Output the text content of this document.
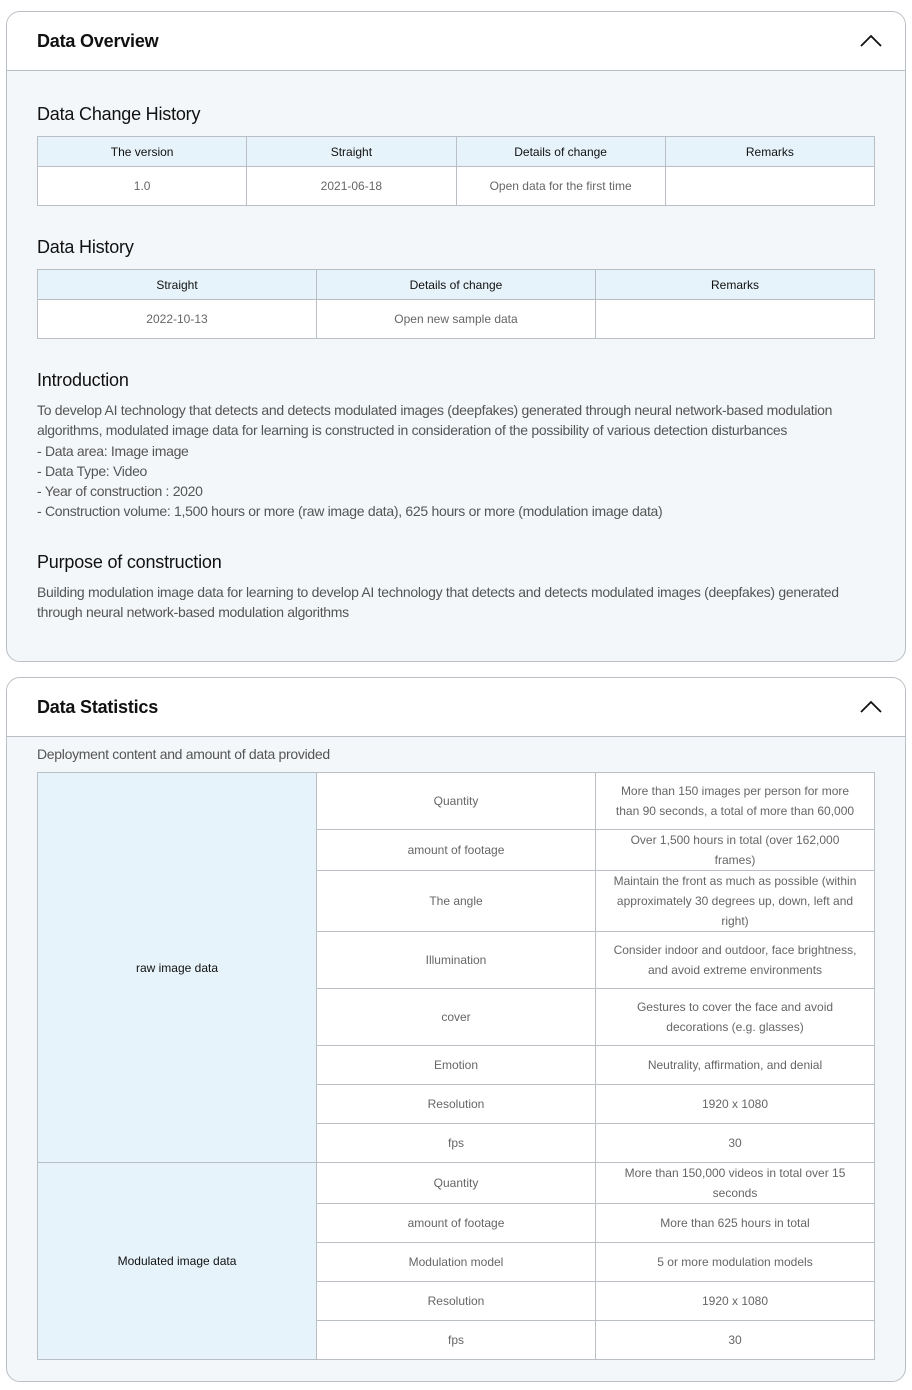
Data Overview
Data Change History
The version	Straight	Details of change	Remarks
1.0	2021-06-18	Open data for the first time	
Data History
Straight	Details of change	Remarks
2022-10-13	Open new sample data	
Introduction
To develop AI technology that detects and detects modulated images (deepfakes) generated through neural network-based modulation algorithms, modulated image data for learning is constructed in consideration of the possibility of various detection disturbances
- Data area: Image image
- Data Type: Video
- Year of construction : 2020
- Construction volume: 1,500 hours or more (raw image data), 625 hours or more (modulation image data)
Purpose of construction
Building modulation image data for learning to develop AI technology that detects and detects modulated images (deepfakes) generated through neural network-based modulation algorithms
Data Statistics
Deployment content and amount of data provided
raw image data	Quantity	More than 150 images per person for more than 90 seconds, a total of more than 60,000
	amount of footage	Over 1,500 hours in total (over 162,000 frames)
	The angle	Maintain the front as much as possible (within approximately 30 degrees up, down, left and right)
	Illumination	Consider indoor and outdoor, face brightness, and avoid extreme environments
	cover	Gestures to cover the face and avoid decorations (e.g. glasses)
	Emotion	Neutrality, affirmation, and denial
	Resolution	1920 x 1080
	fps	30
Modulated image data	Quantity	More than 150,000 videos in total over 15 seconds
	amount of footage	More than 625 hours in total
	Modulation model	5 or more modulation models
	Resolution	1920 x 1080
	fps	30
